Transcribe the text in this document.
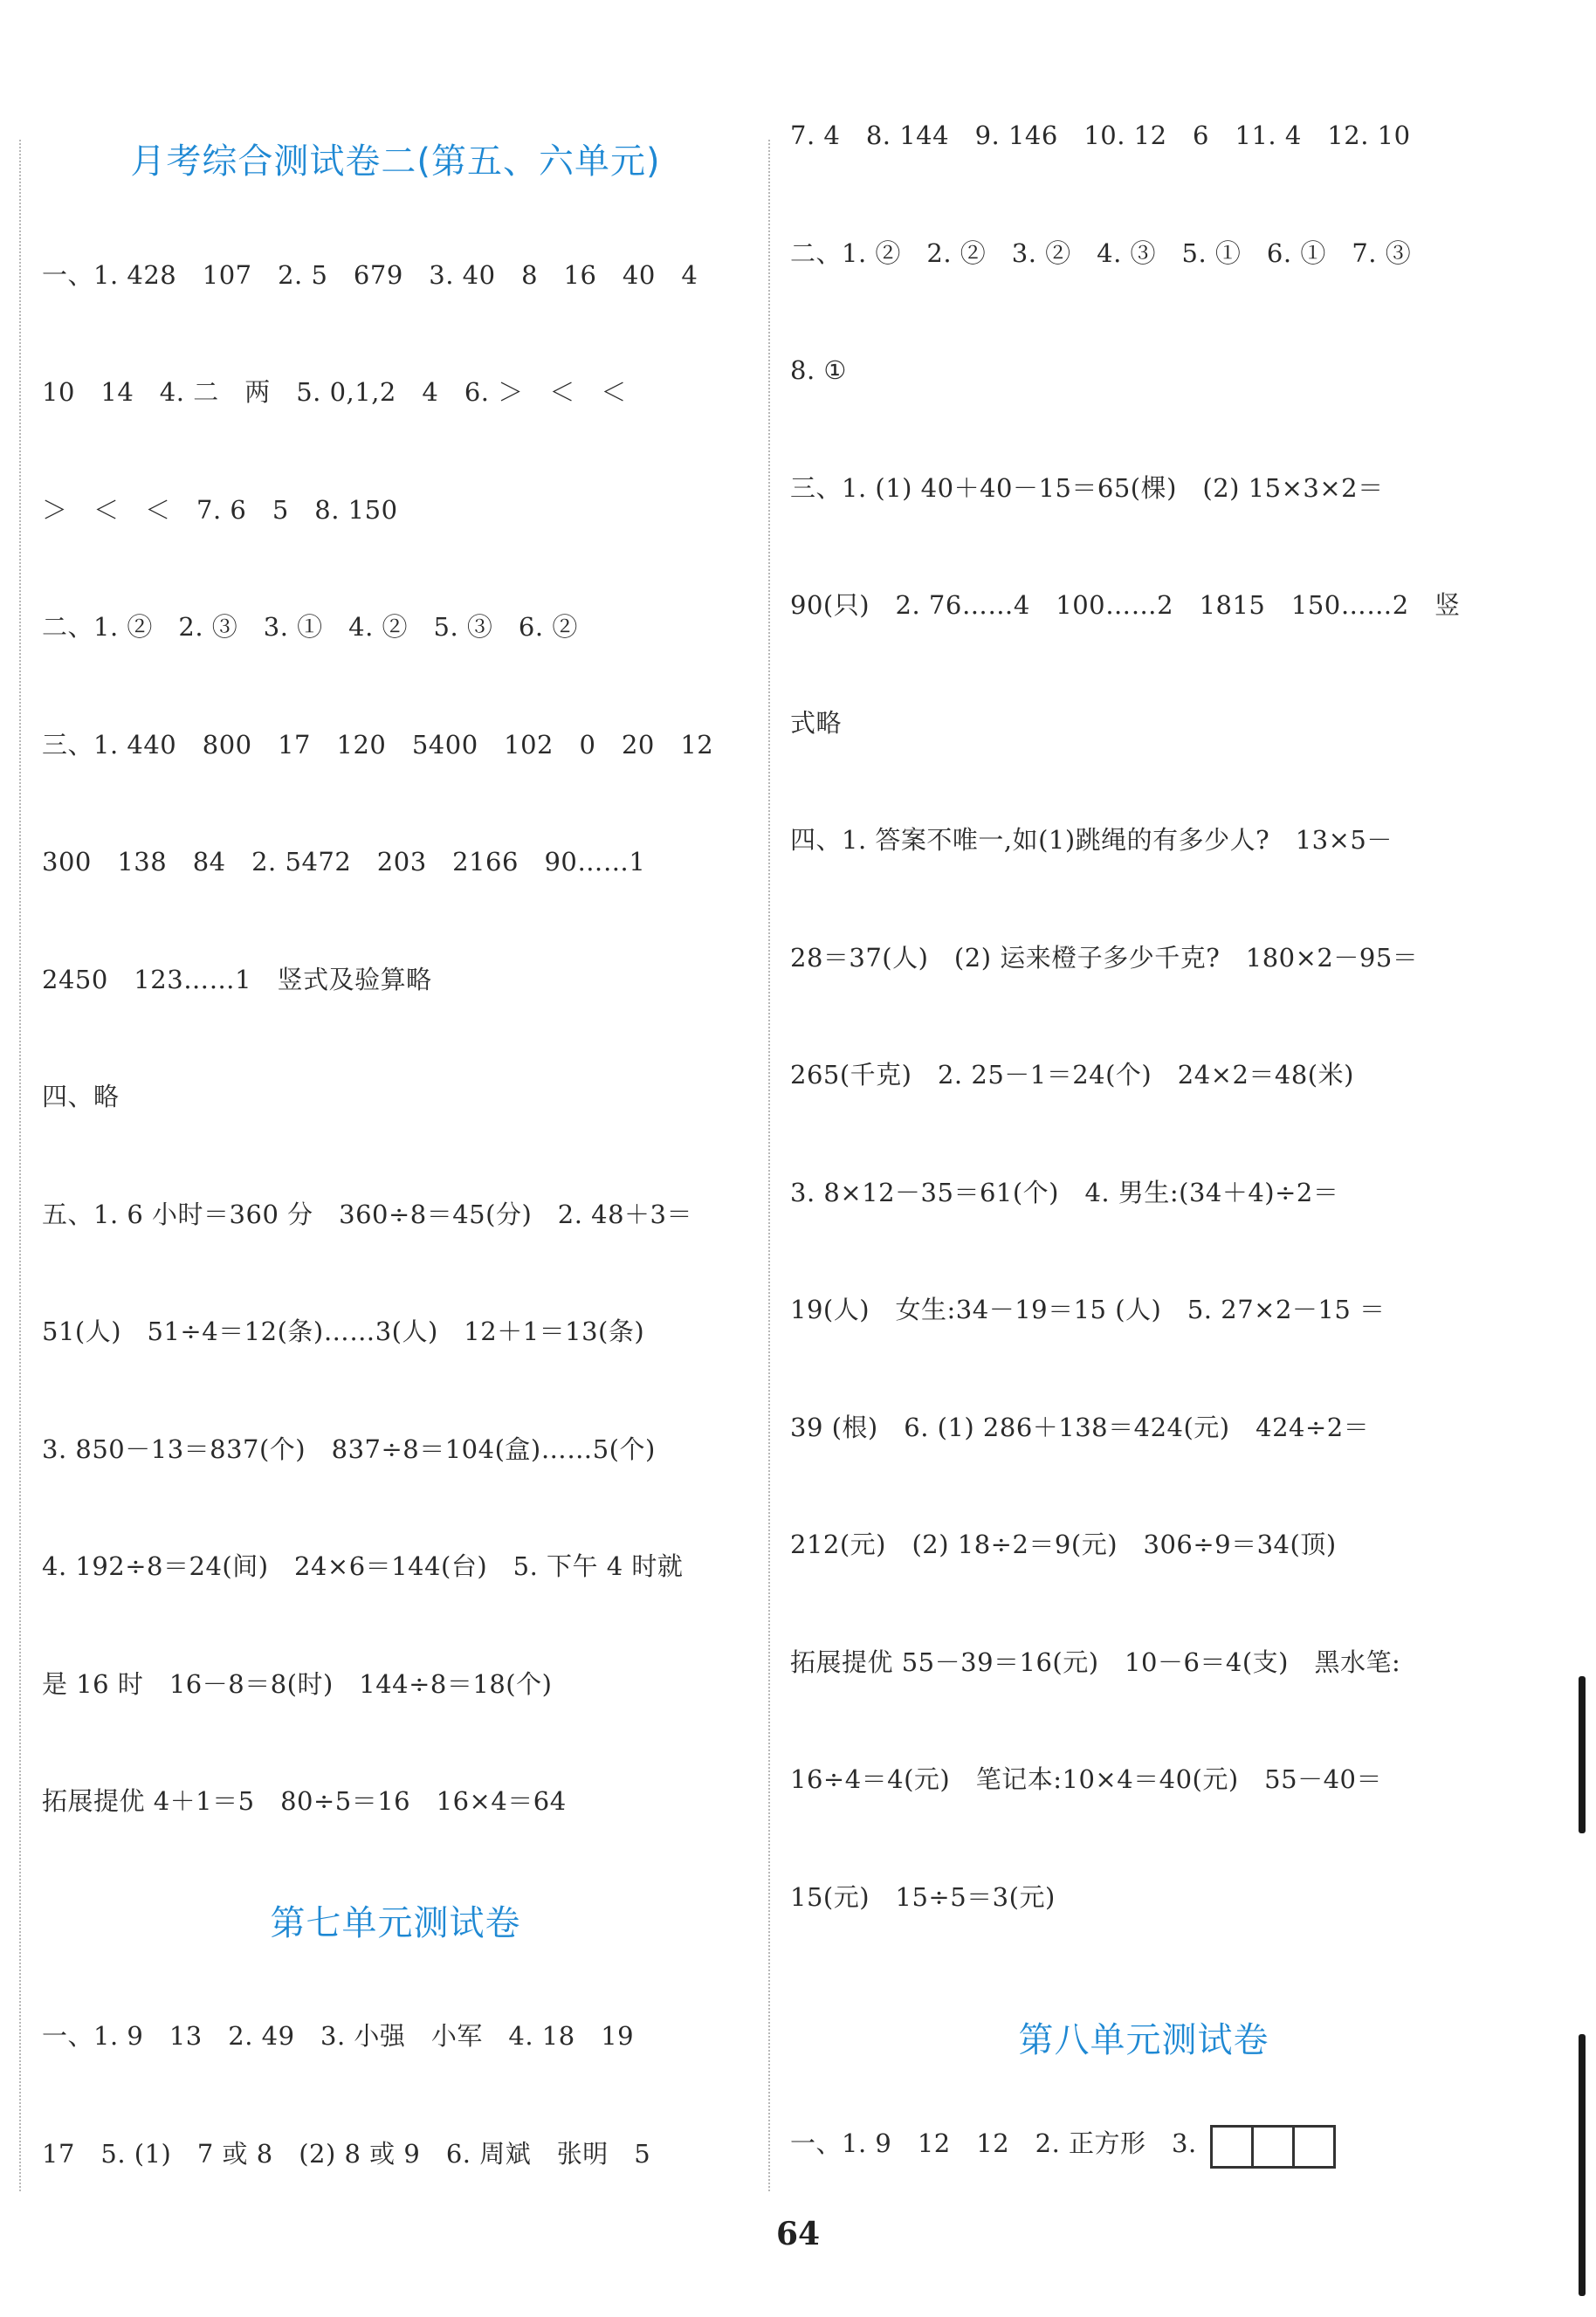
月考综合测试卷二(第五、六单元)
一、1. 428　107　2. 5　679　3. 40　8　16　40　4
10　14　4. 二　两　5. 0,1,2　4　6. ＞　＜　＜
＞　＜　＜　7. 6　5　8. 150
二、1. ②　2. ③　3. ①　4. ②　5. ③　6. ②
三、1. 440　800　17　120　5400　102　0　20　12
300　138　84　2. 5472　203　2166　90……1
2450　123……1　竖式及验算略
四、略
五、1. 6 小时＝360 分　360÷8＝45(分)　2. 48＋3＝
51(人)　51÷4＝12(条)……3(人)　12＋1＝13(条)
3. 850－13＝837(个)　837÷8＝104(盒)……5(个)
4. 192÷8＝24(间)　24×6＝144(台)　5. 下午 4 时就
是 16 时　16－8＝8(时)　144÷8＝18(个)
拓展提优 4＋1＝5　80÷5＝16　16×4＝64
第七单元测试卷
一、1. 9　13　2. 49　3. 小强　小军　4. 18　19
17　5. (1)　7 或 8　(2) 8 或 9　6. 周斌　张明　5
7. 4　8. 144　9. 146　10. 12　6　11. 4　12. 10
二、1. ②　2. ②　3. ②　4. ③　5. ①　6. ①　7. ③
8. ①
三、1. (1) 40＋40－15＝65(棵)　(2) 15×3×2＝
90(只)　2. 76……4　100……2　1815　150……2　竖
式略
四、1. 答案不唯一,如(1)跳绳的有多少人?　13×5－
28＝37(人)　(2) 运来橙子多少千克?　180×2－95＝
265(千克)　2. 25－1＝24(个)　24×2＝48(米)
3. 8×12－35＝61(个)　4. 男生:(34＋4)÷2＝
19(人)　女生:34－19＝15 (人)　5. 27×2－15 ＝
39 (根)　6. (1) 286＋138＝424(元)　424÷2＝
212(元)　(2) 18÷2＝9(元)　306÷9＝34(顶)
拓展提优 55－39＝16(元)　10－6＝4(支)　黑水笔:
16÷4＝4(元)　笔记本:10×4＝40(元)　55－40＝
15(元)　15÷5＝3(元)
第八单元测试卷
一、1. 9　12　12　2. 正方形　3.
64
